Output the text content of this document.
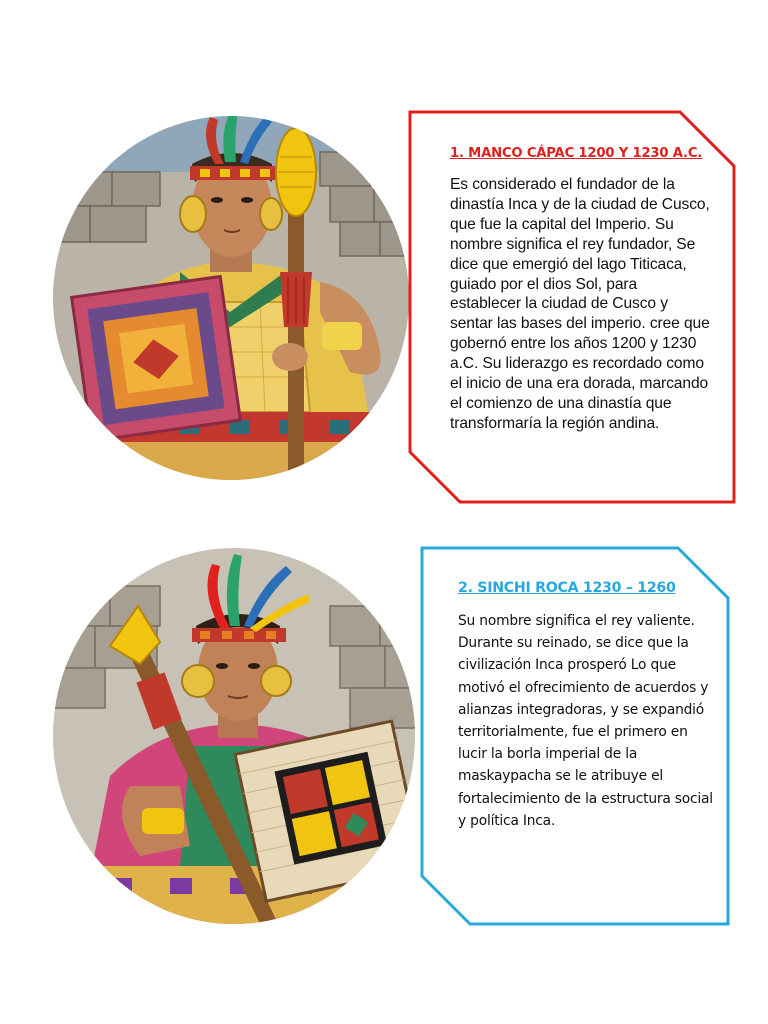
1. MANCO CÁPAC 1200 Y 1230 A.C.

Es considerado el fundador de la dinastía Inca y de la ciudad de Cusco, que fue la capital del Imperio. Su nombre significa el rey fundador, Se dice que emergió del lago Titicaca, guiado por el dios Sol, para establecer la ciudad de Cusco y sentar las bases del imperio. cree que gobernó entre los años 1200 y 1230 a.C. Su liderazgo es recordado como el inicio de una era dorada, marcando el comienzo de una dinastía que transformaría la región andina.

2. SINCHI ROCA 1230 – 1260

Su nombre significa el rey valiente. Durante su reinado, se dice que la civilización Inca prosperó Lo que motivó el ofrecimiento de acuerdos y alianzas integradoras, y se expandió territorialmente, fue el primero en lucir la borla imperial de la maskaypacha se le atribuye el fortalecimiento de la estructura social y política Inca.
